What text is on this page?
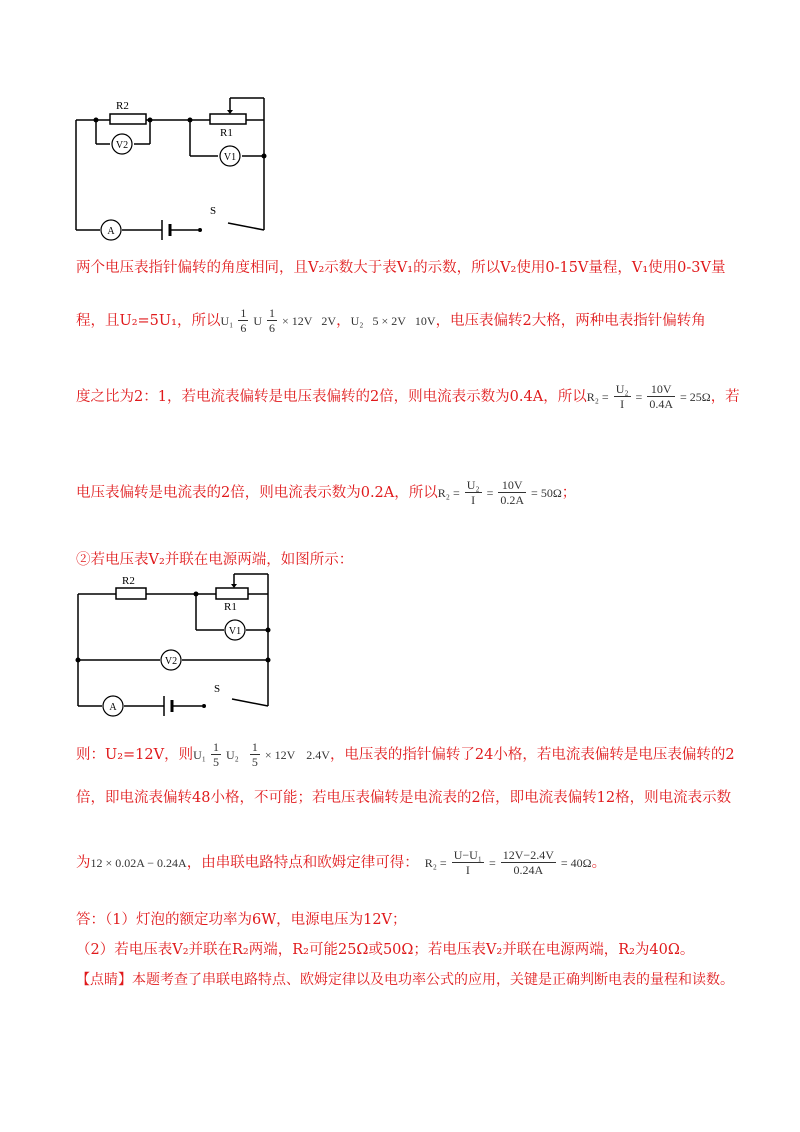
V2
V1
A
S
R2
R1
两个电压表指针偏转的角度相同，且V₂示数大于表V₁的示数，所以V₂使用0-15V量程，V₁使用0-3V量
程，且U₂=5U₁，所以 $U_1 \frac{1}{6}$ U $\frac{1}{6} \times 12V$ 2V ， U₂ 5 × 2V 10V ，电压表偏转2大格，两种电表指针偏转角
度之比为2：1，若电流表偏转是电压表偏转的2倍，则电流表示数为0.4A，所以 $R_2 = \frac{\text{U₂}}{I} = \frac{10V}{0.4A} = 25\Omega$ ，若
电压表偏转是电流表的2倍，则电流表示数为0.2A，所以 $R_2 = \frac{\text{U₂}}{I} = \frac{10V}{0.2A} = 50\Omega$ ；
②若电压表V₂并联在电源两端，如图所示：
V1
V2
A
S
R2
R1
则：U₂=12V，则 $U_1 \frac{1}{5} U_2 \frac{1}{5} \times 12V$ 2.4V ，电压表的指针偏转了24小格，若电流表偏转是电压表偏转的2
倍，即电流表偏转48小格，不可能；若电压表偏转是电流表的2倍，即电流表偏转12格，则电流表示数
为 12 × 0.02A − 0.24A ，由串联电路特点和欧姆定律可得： $R_2 = \frac{\text{U−U₁}}{I} = \frac{12V-2.4V}{0.24A} = 40\Omega$ 。
答：（1）灯泡的额定功率为6W，电源电压为12V；
（2）若电压表V₂并联在R₂两端，R₂可能25Ω或50Ω；若电压表V₂并联在电源两端，R₂为40Ω。
【点睛】本题考查了串联电路特点、欧姆定律以及电功率公式的应用，关键是正确判断电表的量程和读数。
